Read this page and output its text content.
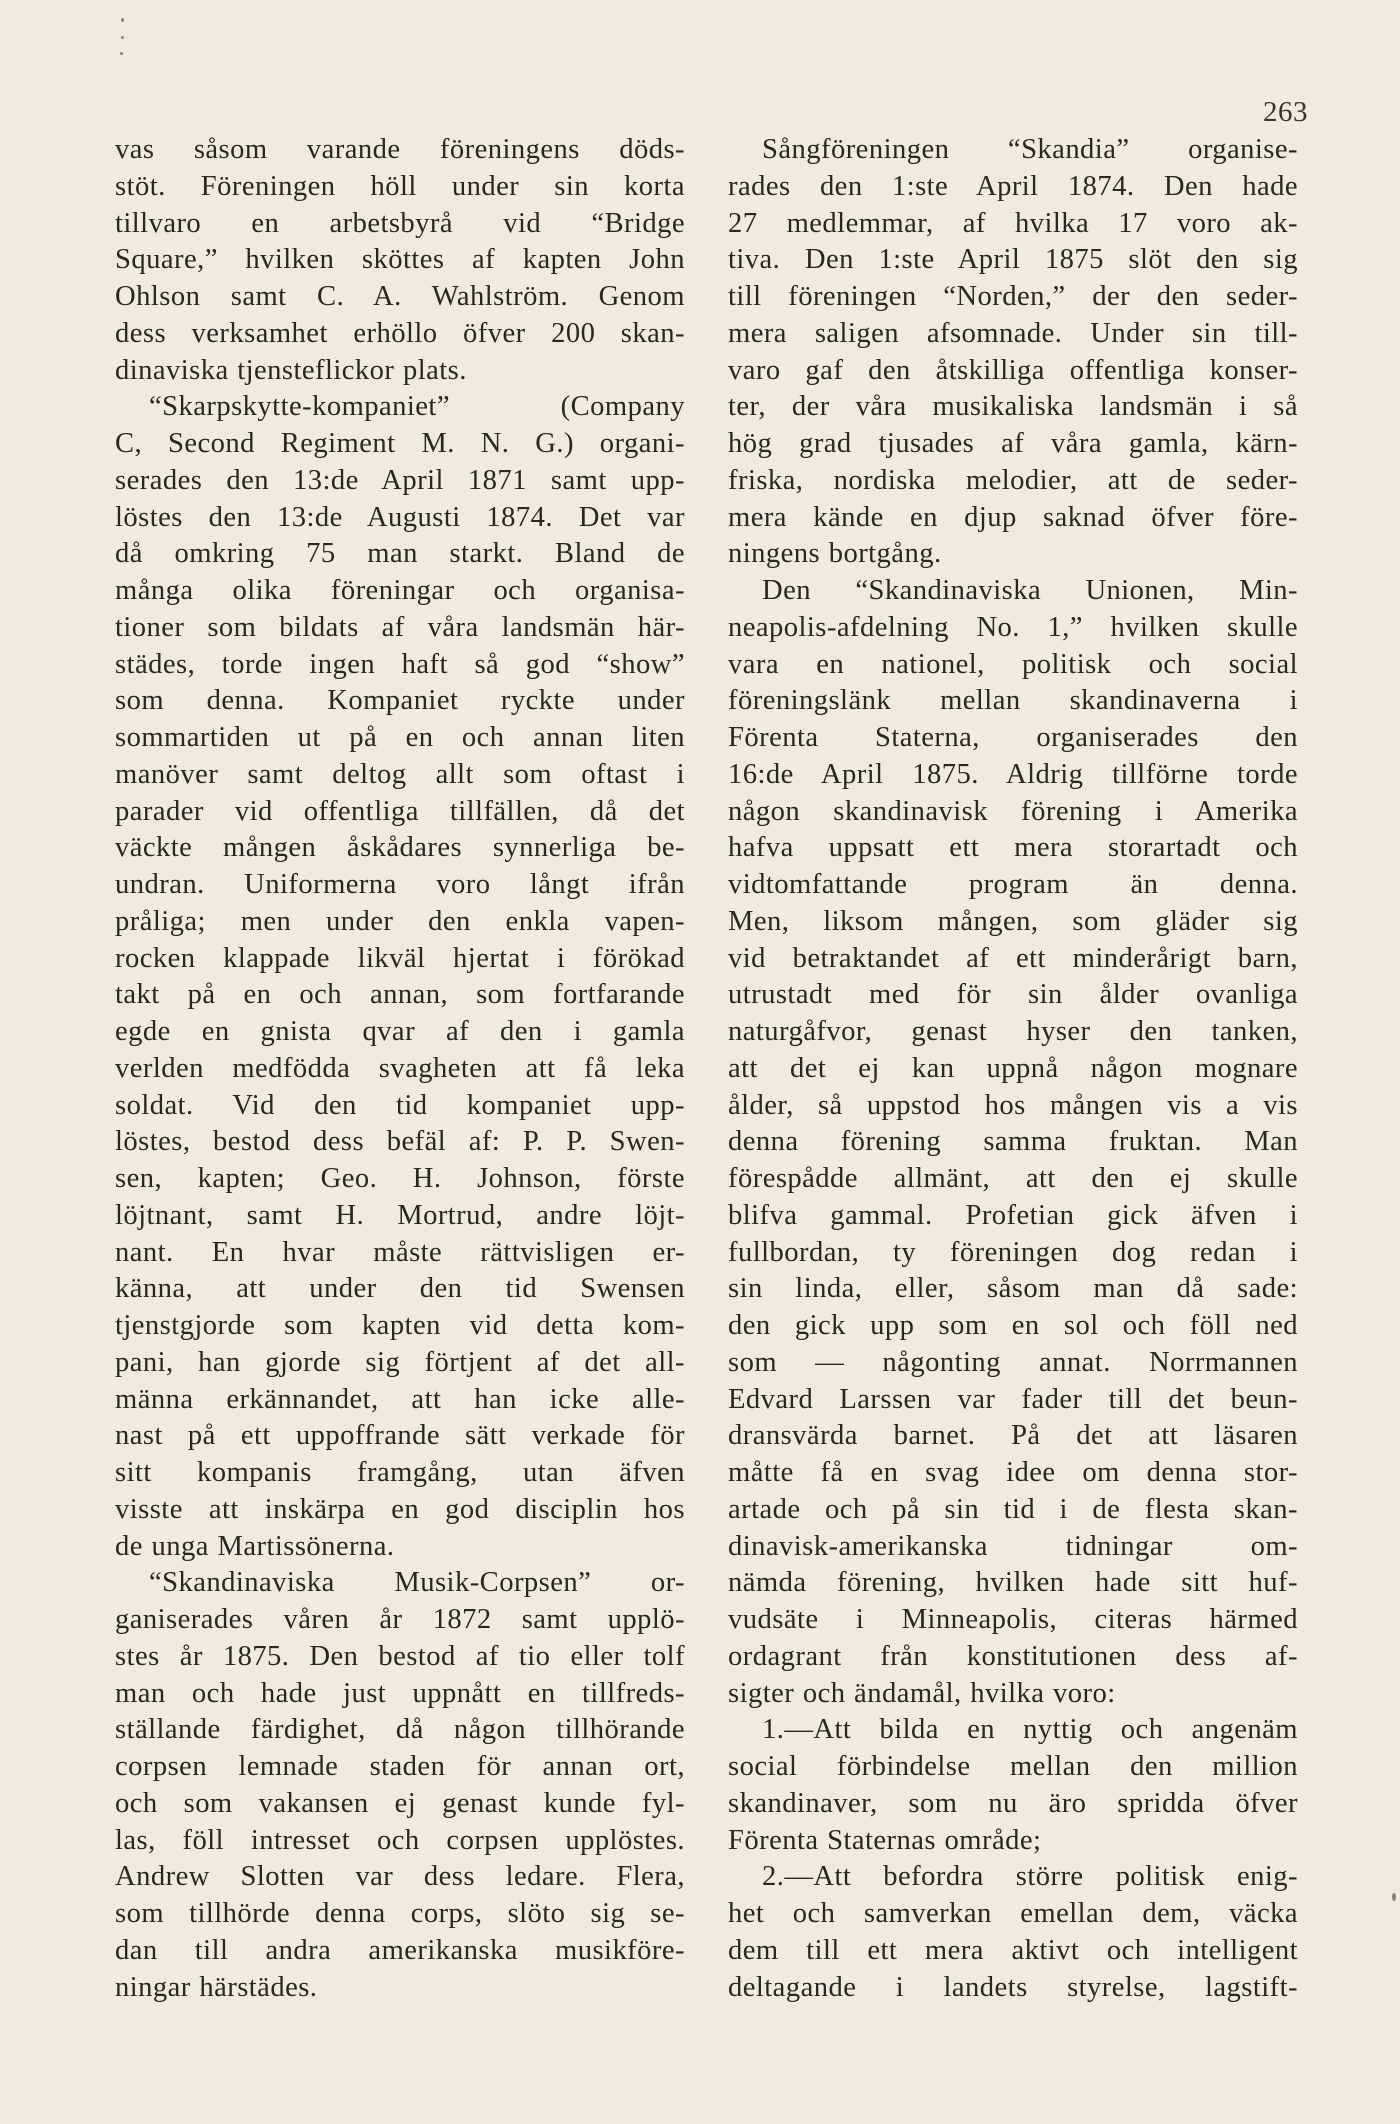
263
vas såsom varande föreningens döds-
stöt. Föreningen höll under sin korta
tillvaro en arbetsbyrå vid “Bridge
Square,” hvilken sköttes af kapten John
Ohlson samt C. A. Wahlström. Genom
dess verksamhet erhöllo öfver 200 skan-
dinaviska tjensteflickor plats.
“Skarpskytte-kompaniet” (Company
C, Second Regiment M. N. G.) organi-
serades den 13:de April 1871 samt upp-
löstes den 13:de Augusti 1874. Det var
då omkring 75 man starkt. Bland de
många olika föreningar och organisa-
tioner som bildats af våra landsmän här-
städes, torde ingen haft så god “show”
som denna. Kompaniet ryckte under
sommartiden ut på en och annan liten
manöver samt deltog allt som oftast i
parader vid offentliga tillfällen, då det
väckte mången åskådares synnerliga be-
undran. Uniformerna voro långt ifrån
pråliga; men under den enkla vapen-
rocken klappade likväl hjertat i förökad
takt på en och annan, som fortfarande
egde en gnista qvar af den i gamla
verlden medfödda svagheten att få leka
soldat. Vid den tid kompaniet upp-
löstes, bestod dess befäl af: P. P. Swen-
sen, kapten; Geo. H. Johnson, förste
löjtnant, samt H. Mortrud, andre löjt-
nant. En hvar måste rättvisligen er-
känna, att under den tid Swensen
tjenstgjorde som kapten vid detta kom-
pani, han gjorde sig förtjent af det all-
männa erkännandet, att han icke alle-
nast på ett uppoffrande sätt verkade för
sitt kompanis framgång, utan äfven
visste att inskärpa en god disciplin hos
de unga Martissönerna.
“Skandinaviska Musik-Corpsen” or-
ganiserades våren år 1872 samt upplö-
stes år 1875. Den bestod af tio eller tolf
man och hade just uppnått en tillfreds-
ställande färdighet, då någon tillhörande
corpsen lemnade staden för annan ort,
och som vakansen ej genast kunde fyl-
las, föll intresset och corpsen upplöstes.
Andrew Slotten var dess ledare. Flera,
som tillhörde denna corps, slöto sig se-
dan till andra amerikanska musikföre-
ningar härstädes.
Sångföreningen “Skandia” organise-
rades den 1:ste April 1874. Den hade
27 medlemmar, af hvilka 17 voro ak-
tiva. Den 1:ste April 1875 slöt den sig
till föreningen “Norden,” der den seder-
mera saligen afsomnade. Under sin till-
varo gaf den åtskilliga offentliga konser-
ter, der våra musikaliska landsmän i så
hög grad tjusades af våra gamla, kärn-
friska, nordiska melodier, att de seder-
mera kände en djup saknad öfver före-
ningens bortgång.
Den “Skandinaviska Unionen, Min-
neapolis-afdelning No. 1,” hvilken skulle
vara en nationel, politisk och social
föreningslänk mellan skandinaverna i
Förenta Staterna, organiserades den
16:de April 1875. Aldrig tillförne torde
någon skandinavisk förening i Amerika
hafva uppsatt ett mera storartadt och
vidtomfattande program än denna.
Men, liksom mången, som gläder sig
vid betraktandet af ett minderårigt barn,
utrustadt med för sin ålder ovanliga
naturgåfvor, genast hyser den tanken,
att det ej kan uppnå någon mognare
ålder, så uppstod hos mången vis a vis
denna förening samma fruktan. Man
förespådde allmänt, att den ej skulle
blifva gammal. Profetian gick äfven i
fullbordan, ty föreningen dog redan i
sin linda, eller, såsom man då sade:
den gick upp som en sol och föll ned
som — någonting annat. Norrmannen
Edvard Larssen var fader till det beun-
dransvärda barnet. På det att läsaren
måtte få en svag idee om denna stor-
artade och på sin tid i de flesta skan-
dinavisk-amerikanska tidningar om-
nämda förening, hvilken hade sitt huf-
vudsäte i Minneapolis, citeras härmed
ordagrant från konstitutionen dess af-
sigter och ändamål, hvilka voro:
1.—Att bilda en nyttig och angenäm
social förbindelse mellan den million
skandinaver, som nu äro spridda öfver
Förenta Staternas område;
2.—Att befordra större politisk enig-
het och samverkan emellan dem, väcka
dem till ett mera aktivt och intelligent
deltagande i landets styrelse, lagstift-
